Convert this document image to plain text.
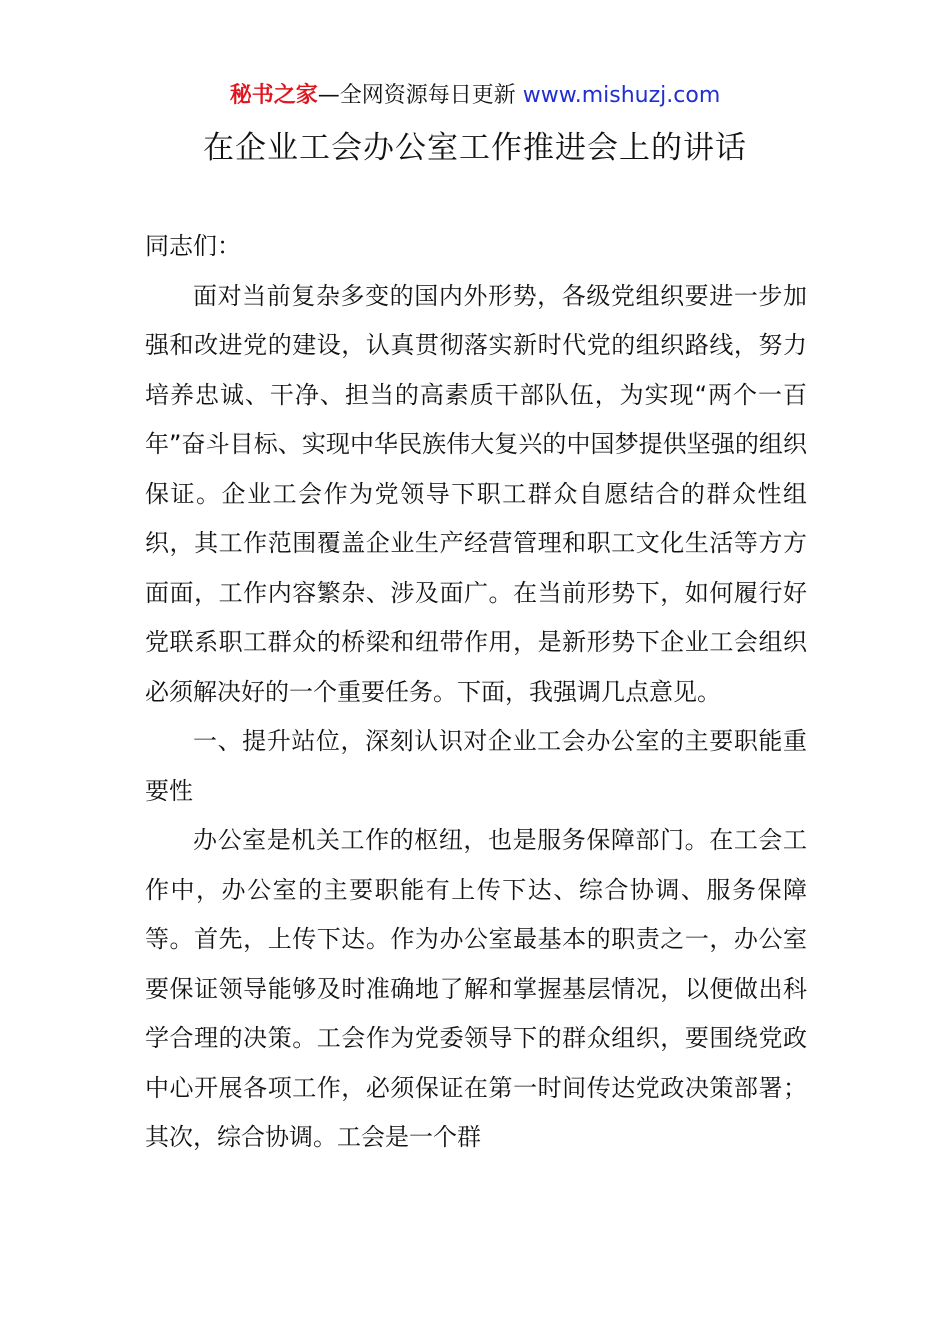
秘书之家—全网资源每日更新 www.mishuzj.com
在企业工会办公室工作推进会上的讲话

同志们：

面对当前复杂多变的国内外形势，各级党组织要进一步加强和改进党的建设，认真贯彻落实新时代党的组织路线，努力培养忠诚、干净、担当的高素质干部队伍，为实现“两个一百年”奋斗目标、实现中华民族伟大复兴的中国梦提供坚强的组织保证。企业工会作为党领导下职工群众自愿结合的群众性组织，其工作范围覆盖企业生产经营管理和职工文化生活等方方面面，工作内容繁杂、涉及面广。在当前形势下，如何履行好党联系职工群众的桥梁和纽带作用，是新形势下企业工会组织必须解决好的一个重要任务。下面，我强调几点意见。

一、提升站位，深刻认识对企业工会办公室的主要职能重要性

办公室是机关工作的枢纽，也是服务保障部门。在工会工作中，办公室的主要职能有上传下达、综合协调、服务保障等。首先，上传下达。作为办公室最基本的职责之一，办公室要保证领导能够及时准确地了解和掌握基层情况，以便做出科学合理的决策。工会作为党委领导下的群众组织，要围绕党政中心开展各项工作，必须保证在第一时间传达党政决策部署；其次，综合协调。工会是一个群
